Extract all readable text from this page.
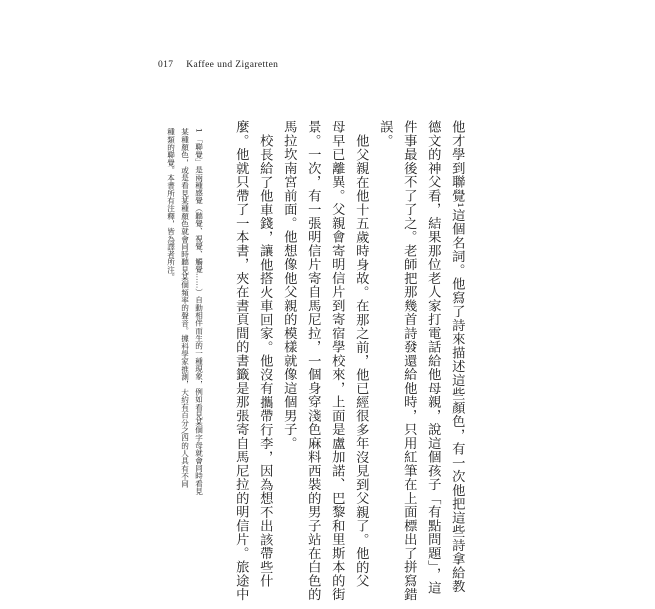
017 Kaffee und Zigaretten
他才學到聯覺¹這個名詞。他寫了詩來描述這些顏色，有一次他把這些詩拿給教
德文的神父看，結果那位老人家打電話給他母親，說這個孩子「有點問題」，這
件事最後不了了之。老師把那幾首詩發還給他時，只用紅筆在上面標出了拼寫錯
誤。
他父親在他十五歲時身故。在那之前，他已經很多年沒見到父親了。他的父
母早已離異。父親會寄明信片到寄宿學校來，上面是盧加諾、巴黎和里斯本的街
景。一次，有一張明信片寄自馬尼拉，一個身穿淺色麻料西裝的男子站在白色的
馬拉坎南宮前面。他想像他父親的模樣就像這個男子。
校長給了他車錢，讓他搭火車回家。他沒有攜帶行李，因為想不出該帶些什
麼。他就只帶了一本書，夾在書頁間的書籤是那張寄自馬尼拉的明信片。旅途中
1 「聯覺」是兩種感覺（聽覺、視覺、觸覺……）自動相伴而生的一種現象，例如看見某個字母就會同時看見
某種顏色，或是看見某種顏色就會同時聽見某個頻率的聲音。據科學家推測，大約有百分之四的人具有不同
種類的聯覺。本書所有注釋，皆為譯者所注。
